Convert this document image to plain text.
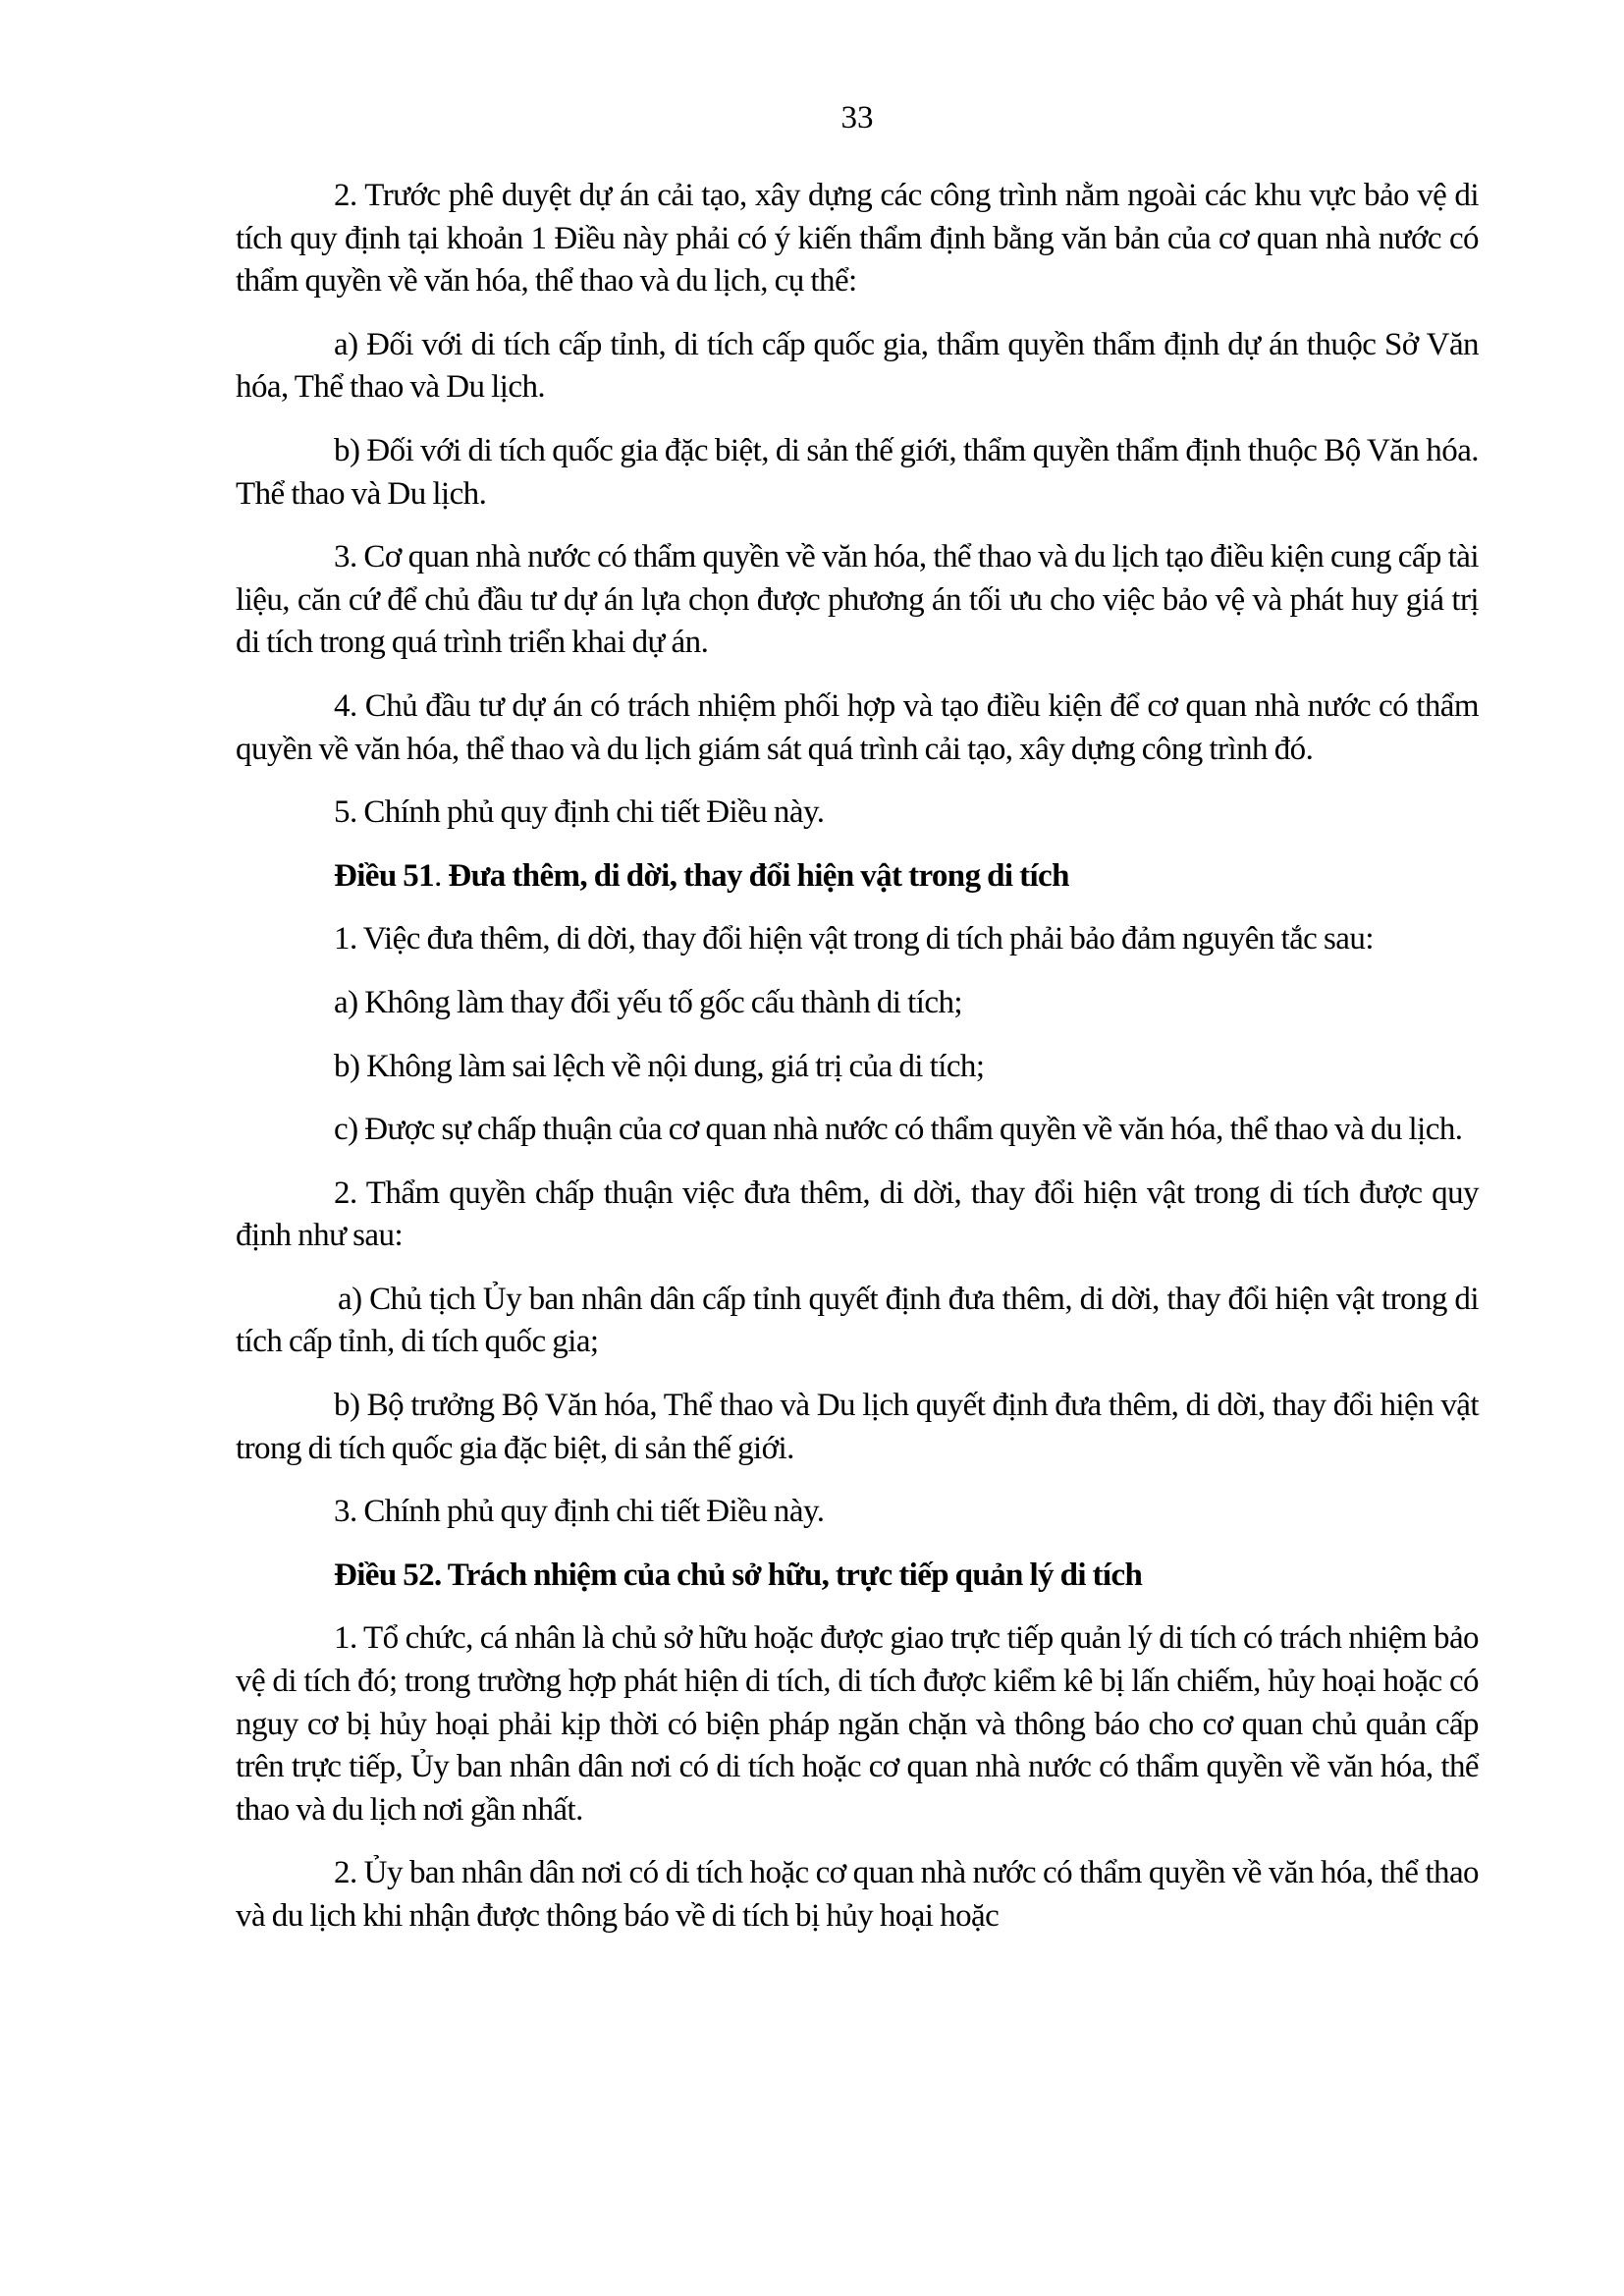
33

2. Trước phê duyệt dự án cải tạo, xây dựng các công trình nằm ngoài các khu vực bảo vệ di tích quy định tại khoản 1 Điều này phải có ý kiến thẩm định bằng văn bản của cơ quan nhà nước có thẩm quyền về văn hóa, thể thao và du lịch, cụ thể:

a) Đối với di tích cấp tỉnh, di tích cấp quốc gia, thẩm quyền thẩm định dự án thuộc Sở Văn hóa, Thể thao và Du lịch.

b) Đối với di tích quốc gia đặc biệt, di sản thế giới, thẩm quyền thẩm định thuộc Bộ Văn hóa. Thể thao và Du lịch.

3. Cơ quan nhà nước có thẩm quyền về văn hóa, thể thao và du lịch tạo điều kiện cung cấp tài liệu, căn cứ để chủ đầu tư dự án lựa chọn được phương án tối ưu cho việc bảo vệ và phát huy giá trị di tích trong quá trình triển khai dự án.

4. Chủ đầu tư dự án có trách nhiệm phối hợp và tạo điều kiện để cơ quan nhà nước có thẩm quyền về văn hóa, thể thao và du lịch giám sát quá trình cải tạo, xây dựng công trình đó.

5. Chính phủ quy định chi tiết Điều này.

Điều 51. Đưa thêm, di dời, thay đổi hiện vật trong di tích

1. Việc đưa thêm, di dời, thay đổi hiện vật trong di tích phải bảo đảm nguyên tắc sau:

a) Không làm thay đổi yếu tố gốc cấu thành di tích;

b) Không làm sai lệch về nội dung, giá trị của di tích;

c) Được sự chấp thuận của cơ quan nhà nước có thẩm quyền về văn hóa, thể thao và du lịch.

2. Thẩm quyền chấp thuận việc đưa thêm, di dời, thay đổi hiện vật trong di tích được quy định như sau:

a) Chủ tịch Ủy ban nhân dân cấp tỉnh quyết định đưa thêm, di dời, thay đổi hiện vật trong di tích cấp tỉnh, di tích quốc gia;

b) Bộ trưởng Bộ Văn hóa, Thể thao và Du lịch quyết định đưa thêm, di dời, thay đổi hiện vật trong di tích quốc gia đặc biệt, di sản thế giới.

3. Chính phủ quy định chi tiết Điều này.

Điều 52. Trách nhiệm của chủ sở hữu, trực tiếp quản lý di tích

1. Tổ chức, cá nhân là chủ sở hữu hoặc được giao trực tiếp quản lý di tích có trách nhiệm bảo vệ di tích đó; trong trường hợp phát hiện di tích, di tích được kiểm kê bị lấn chiếm, hủy hoại hoặc có nguy cơ bị hủy hoại phải kịp thời có biện pháp ngăn chặn và thông báo cho cơ quan chủ quản cấp trên trực tiếp, Ủy ban nhân dân nơi có di tích hoặc cơ quan nhà nước có thẩm quyền về văn hóa, thể thao và du lịch nơi gần nhất.

2. Ủy ban nhân dân nơi có di tích hoặc cơ quan nhà nước có thẩm quyền về văn hóa, thể thao và du lịch khi nhận được thông báo về di tích bị hủy hoại hoặc
